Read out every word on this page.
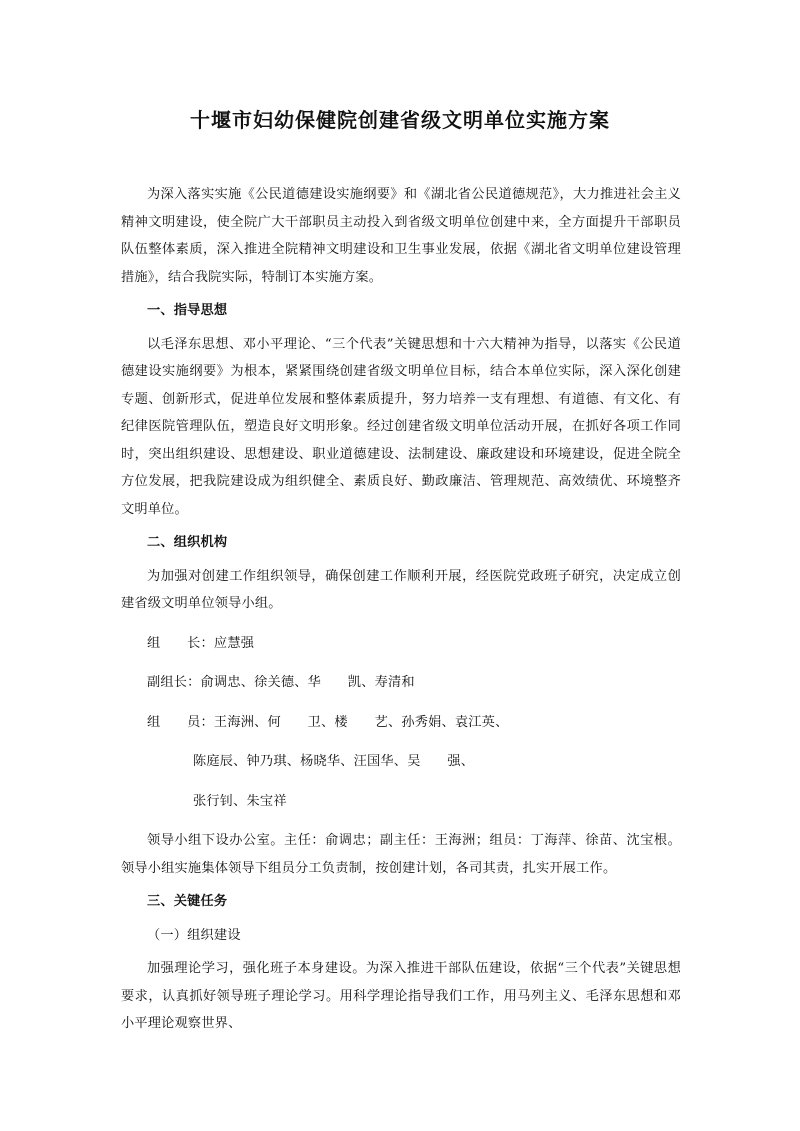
十堰市妇幼保健院创建省级文明单位实施方案

为深入落实实施《公民道德建设实施纲要》和《湖北省公民道德规范》，大力推进社会主义精神文明建设，使全院广大干部职员主动投入到省级文明单位创建中来，全方面提升干部职员队伍整体素质，深入推进全院精神文明建设和卫生事业发展，依据《湖北省文明单位建设管理措施》，结合我院实际，特制订本实施方案。

一、指导思想

以毛泽东思想、邓小平理论、“三个代表”关键思想和十六大精神为指导，以落实《公民道德建设实施纲要》为根本，紧紧围绕创建省级文明单位目标，结合本单位实际，深入深化创建专题、创新形式，促进单位发展和整体素质提升，努力培养一支有理想、有道德、有文化、有纪律医院管理队伍，塑造良好文明形象。经过创建省级文明单位活动开展，在抓好各项工作同时，突出组织建设、思想建设、职业道德建设、法制建设、廉政建设和环境建设，促进全院全方位发展，把我院建设成为组织健全、素质良好、勤政廉洁、管理规范、高效绩优、环境整齐文明单位。

二、组织机构

为加强对创建工作组织领导，确保创建工作顺利开展，经医院党政班子研究，决定成立创建省级文明单位领导小组。

组　　长：应慧强

副组长：俞调忠、徐关德、华　　凯、寿清和

组　　员：王海洲、何　　卫、楼　　艺、孙秀娟、袁江英、

陈庭辰、钟乃琪、杨晓华、汪国华、吴　　强、

张行钊、朱宝祥

领导小组下设办公室。主任：俞调忠；副主任：王海洲；组员：丁海萍、徐苗、沈宝根。领导小组实施集体领导下组员分工负责制，按创建计划，各司其责，扎实开展工作。

三、关键任务

（一）组织建设

加强理论学习，强化班子本身建设。为深入推进干部队伍建设，依据“三个代表”关键思想要求，认真抓好领导班子理论学习。用科学理论指导我们工作，用马列主义、毛泽东思想和邓小平理论观察世界、
